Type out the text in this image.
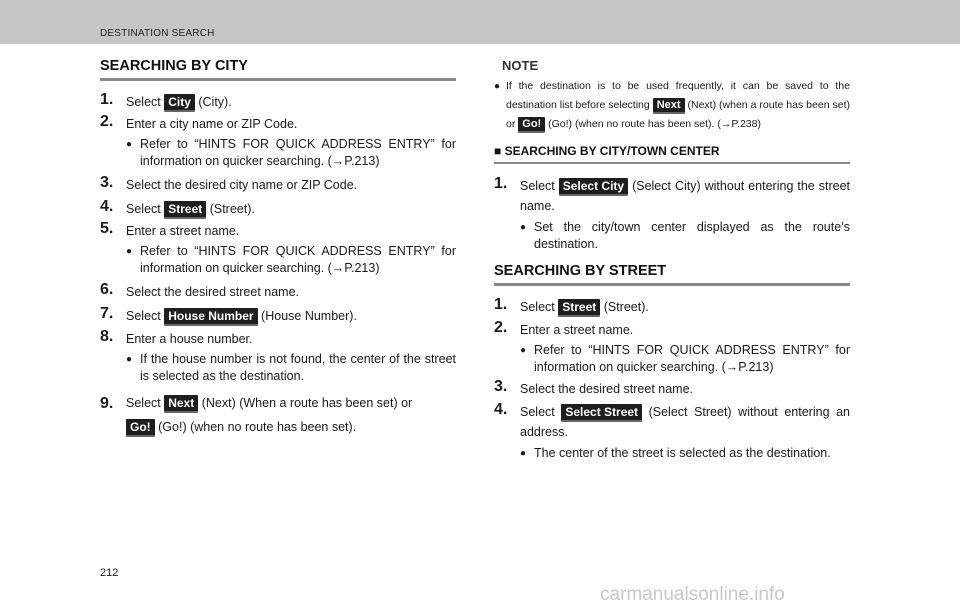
DESTINATION SEARCH
SEARCHING BY CITY
1. Select City (City).
2. Enter a city name or ZIP Code.
● Refer to “HINTS FOR QUICK ADDRESS ENTRY” for information on quicker searching. (→P.213)
3. Select the desired city name or ZIP Code.
4. Select Street (Street).
5. Enter a street name.
● Refer to “HINTS FOR QUICK ADDRESS ENTRY” for information on quicker searching. (→P.213)
6. Select the desired street name.
7. Select House Number (House Number).
8. Enter a house number.
● If the house number is not found, the center of the street is selected as the destination.
9. Select Next (Next) (When a route has been set) or
Go! (Go!) (when no route has been set).
NOTE
● If the destination is to be used frequently, it can be saved to the destination list before selecting Next (Next) (when a route has been set) or Go! (Go!) (when no route has been set). (→P.238)
■ SEARCHING BY CITY/TOWN CENTER
1. Select Select City (Select City) without entering the street name.
● Set the city/town center displayed as the route’s destination.
SEARCHING BY STREET
1. Select Street (Street).
2. Enter a street name.
● Refer to “HINTS FOR QUICK ADDRESS ENTRY” for information on quicker searching. (→P.213)
3. Select the desired street name.
4. Select Select Street (Select Street) without entering an address.
● The center of the street is selected as the destination.
212
carmanualsonline.info
